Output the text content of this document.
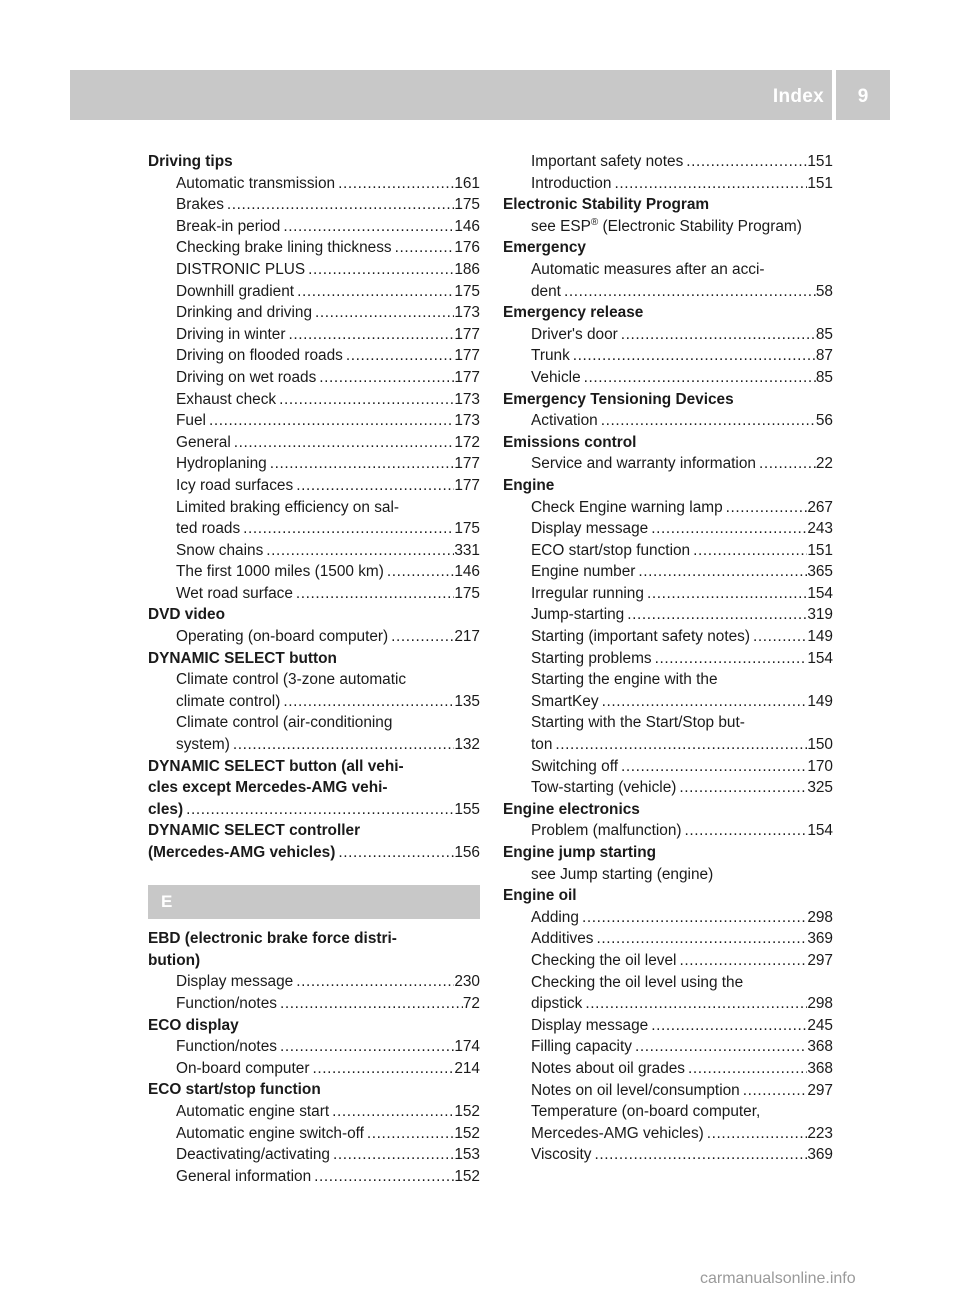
Index	9
Driving tips
Automatic transmission .....	161
Brakes .....	175
Break-in period .....	146
Checking brake lining thickness .....	176
DISTRONIC PLUS .....	186
Downhill gradient .....	175
Drinking and driving .....	173
Driving in winter .....	177
Driving on flooded roads .....	177
Driving on wet roads .....	177
Exhaust check .....	173
Fuel .....	173
General .....	172
Hydroplaning .....	177
Icy road surfaces .....	177
Limited braking efficiency on sal-
ted roads .....	175
Snow chains .....	331
The first 1000 miles (1500 km) .....	146
Wet road surface .....	175
DVD video
Operating (on-board computer) .....	217
DYNAMIC SELECT button
Climate control (3-zone automatic
climate control) .....	135
Climate control (air-conditioning
system) .....	132
DYNAMIC SELECT button (all vehi-
cles except Mercedes-AMG vehi-
cles) .....	155
DYNAMIC SELECT controller
(Mercedes-AMG vehicles) .....	156
E
EBD (electronic brake force distri-
bution)
Display message .....	230
Function/notes .....	72
ECO display
Function/notes .....	174
On-board computer .....	214
ECO start/stop function
Automatic engine start .....	152
Automatic engine switch-off .....	152
Deactivating/activating .....	153
General information .....	152
Important safety notes .....	151
Introduction .....	151
Electronic Stability Program
see ESP® (Electronic Stability Program)
Emergency
Automatic measures after an acci-
dent .....	58
Emergency release
Driver's door .....	85
Trunk .....	87
Vehicle .....	85
Emergency Tensioning Devices
Activation .....	56
Emissions control
Service and warranty information .....	22
Engine
Check Engine warning lamp .....	267
Display message .....	243
ECO start/stop function .....	151
Engine number .....	365
Irregular running .....	154
Jump-starting .....	319
Starting (important safety notes) .....	149
Starting problems .....	154
Starting the engine with the
SmartKey .....	149
Starting with the Start/Stop but-
ton .....	150
Switching off .....	170
Tow-starting (vehicle) .....	325
Engine electronics
Problem (malfunction) .....	154
Engine jump starting
see Jump starting (engine)
Engine oil
Adding .....	298
Additives .....	369
Checking the oil level .....	297
Checking the oil level using the
dipstick .....	298
Display message .....	245
Filling capacity .....	368
Notes about oil grades .....	368
Notes on oil level/consumption .....	297
Temperature (on-board computer,
Mercedes-AMG vehicles) .....	223
Viscosity .....	369
carmanualsonline.info
